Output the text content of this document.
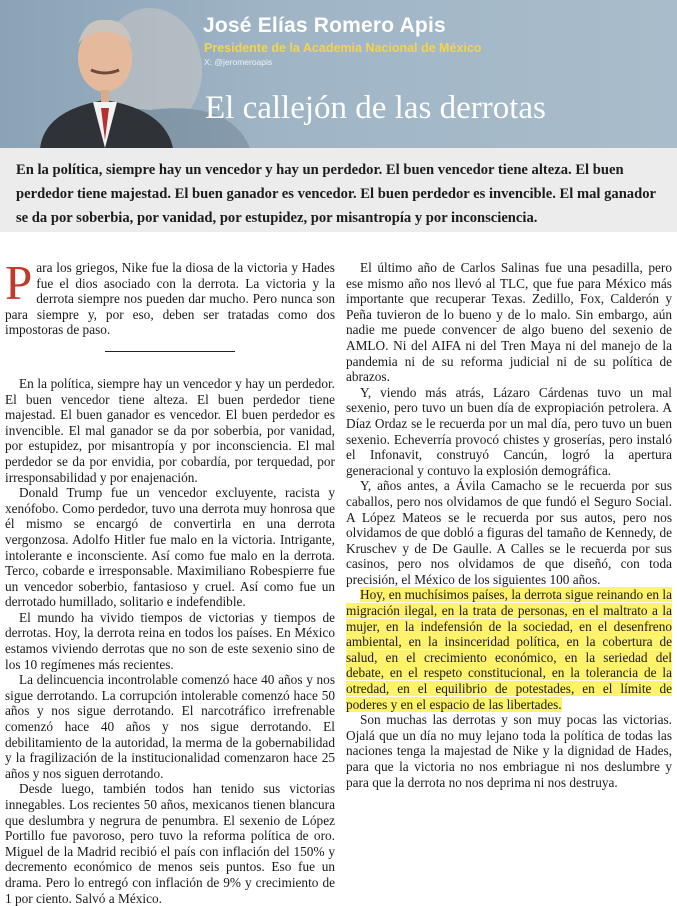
José Elías Romero Apis
Presidente de la Academia Nacional de México
X: @jeromeroapis
El callejón de las derrotas

En la política, siempre hay un vencedor y hay un perdedor. El buen vencedor tiene alteza. El buen perdedor tiene majestad. El buen ganador es vencedor. El buen perdedor es invencible. El mal ganador se da por soberbia, por vanidad, por estupidez, por misantropía y por inconsciencia.

Para los griegos, Nike fue la diosa de la victoria y Hades fue el dios asociado con la derrota. La victoria y la derrota siempre nos pueden dar mucho. Pero nunca son para siempre y, por eso, deben ser tratadas como dos impostoras de paso.

En la política, siempre hay un vencedor y hay un perdedor. El buen vencedor tiene alteza. El buen perdedor tiene majestad. El buen ganador es vencedor. El buen perdedor es invencible. El mal ganador se da por soberbia, por vanidad, por estupidez, por misantropía y por inconsciencia. El mal perdedor se da por envidia, por cobardía, por terquedad, por irresponsabilidad y por enajenación.

Donald Trump fue un vencedor excluyente, racista y xenófobo. Como perdedor, tuvo una derrota muy honrosa que él mismo se encargó de convertirla en una derrota vergonzosa. Adolfo Hitler fue malo en la victoria. Intrigante, intolerante e inconsciente. Así como fue malo en la derrota. Terco, cobarde e irresponsable. Maximiliano Robespierre fue un vencedor soberbio, fantasioso y cruel. Así como fue un derrotado humillado, solitario e indefendible.

El mundo ha vivido tiempos de victorias y tiempos de derrotas. Hoy, la derrota reina en todos los países. En México estamos viviendo derrotas que no son de este sexenio sino de los 10 regímenes más recientes.

La delincuencia incontrolable comenzó hace 40 años y nos sigue derrotando. La corrupción intolerable comenzó hace 50 años y nos sigue derrotando. El narcotráfico irrefrenable comenzó hace 40 años y nos sigue derrotando. El debilitamiento de la autoridad, la merma de la gobernabilidad y la fragilización de la institucionalidad comenzaron hace 25 años y nos siguen derrotando.

Desde luego, también todos han tenido sus victorias innegables. Los recientes 50 años, mexicanos tienen blancura que deslumbra y negrura de penumbra. El sexenio de López Portillo fue pavoroso, pero tuvo la reforma política de oro. Miguel de la Madrid recibió el país con inflación del 150% y decremento económico de menos seis puntos. Eso fue un drama. Pero lo entregó con inflación de 9% y crecimiento de 1 por ciento. Salvó a México.

El último año de Carlos Salinas fue una pesadilla, pero ese mismo año nos llevó al TLC, que fue para México más importante que recuperar Texas. Zedillo, Fox, Calderón y Peña tuvieron de lo bueno y de lo malo. Sin embargo, aún nadie me puede convencer de algo bueno del sexenio de AMLO. Ni del AIFA ni del Tren Maya ni del manejo de la pandemia ni de su reforma judicial ni de su política de abrazos.

Y, viendo más atrás, Lázaro Cárdenas tuvo un mal sexenio, pero tuvo un buen día de expropiación petrolera. A Díaz Ordaz se le recuerda por un mal día, pero tuvo un buen sexenio. Echeverría provocó chistes y groserías, pero instaló el Infonavit, construyó Cancún, logró la apertura generacional y contuvo la explosión demográfica.

Y, años antes, a Ávila Camacho se le recuerda por sus caballos, pero nos olvidamos de que fundó el Seguro Social. A López Mateos se le recuerda por sus autos, pero nos olvidamos de que dobló a figuras del tamaño de Kennedy, de Kruschev y de De Gaulle. A Calles se le recuerda por sus casinos, pero nos olvidamos de que diseñó, con toda precisión, el México de los siguientes 100 años.

Hoy, en muchísimos países, la derrota sigue reinando en la migración ilegal, en la trata de personas, en el maltrato a la mujer, en la indefensión de la sociedad, en el desenfreno ambiental, en la insinceridad política, en la cobertura de salud, en el crecimiento económico, en la seriedad del debate, en el respeto constitucional, en la tolerancia de la otredad, en el equilibrio de potestades, en el límite de poderes y en el espacio de las libertades.

Son muchas las derrotas y son muy pocas las victorias. Ojalá que un día no muy lejano toda la política de todas las naciones tenga la majestad de Nike y la dignidad de Hades, para que la victoria no nos embriague ni nos deslumbre y para que la derrota no nos deprima ni nos destruya.
